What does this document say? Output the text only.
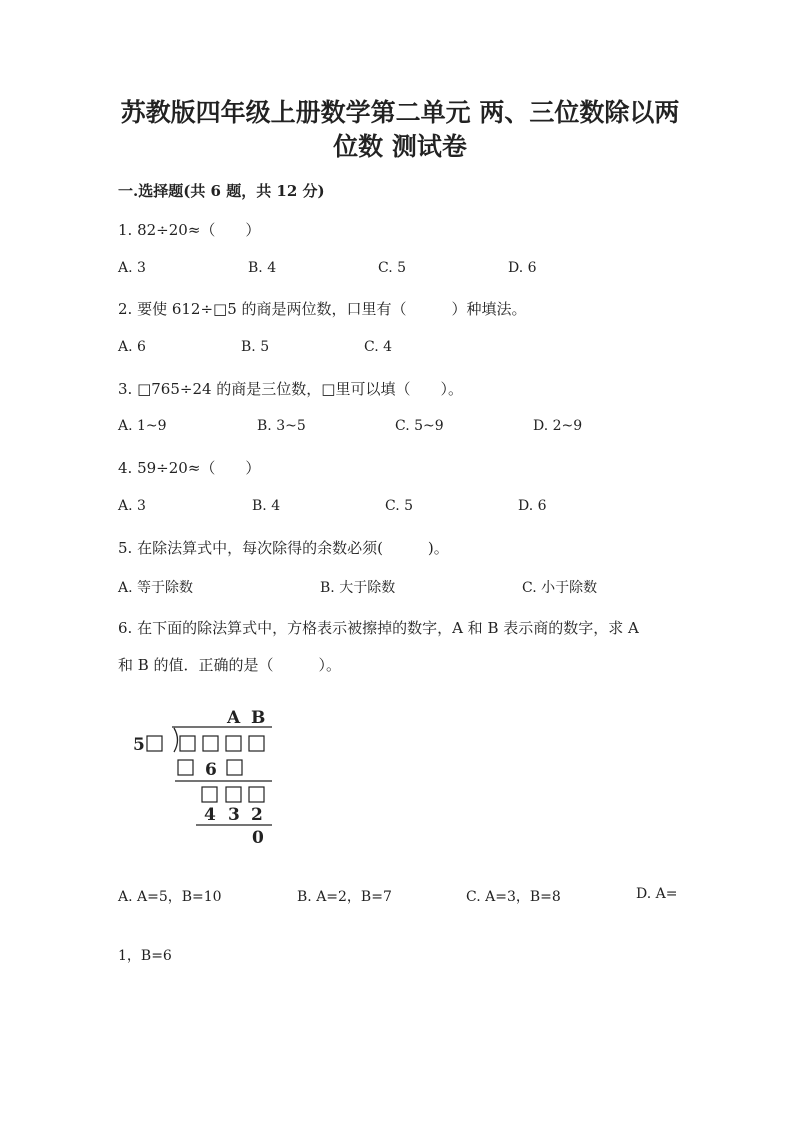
苏教版四年级上册数学第二单元 两、三位数除以两
位数 测试卷
一.选择题(共 6 题，共 12 分)
1. 82÷20≈（　　）
A. 3	B. 4	C. 5	D. 6
2. 要使 612÷□5 的商是两位数，口里有（　　　）种填法。
A. 6	B. 5	C. 4
3. □765÷24 的商是三位数，□里可以填（　　）。
A. 1~9	B. 3~5	C. 5~9	D. 2~9
4. 59÷20≈（　　）
A. 3	B. 4	C. 5	D. 6
5. 在除法算式中，每次除得的余数必须(　　　)。
A. 等于除数	B. 大于除数	C. 小于除数
6. 在下面的除法算式中，方格表示被擦掉的数字，A 和 B 表示商的数字，求 A
和 B 的值．正确的是（　　　）。
A B
5
6
4 3 2
0
A. A=5，B=10	B. A=2，B=7	C. A=3，B=8	D. A=
1，B=6
